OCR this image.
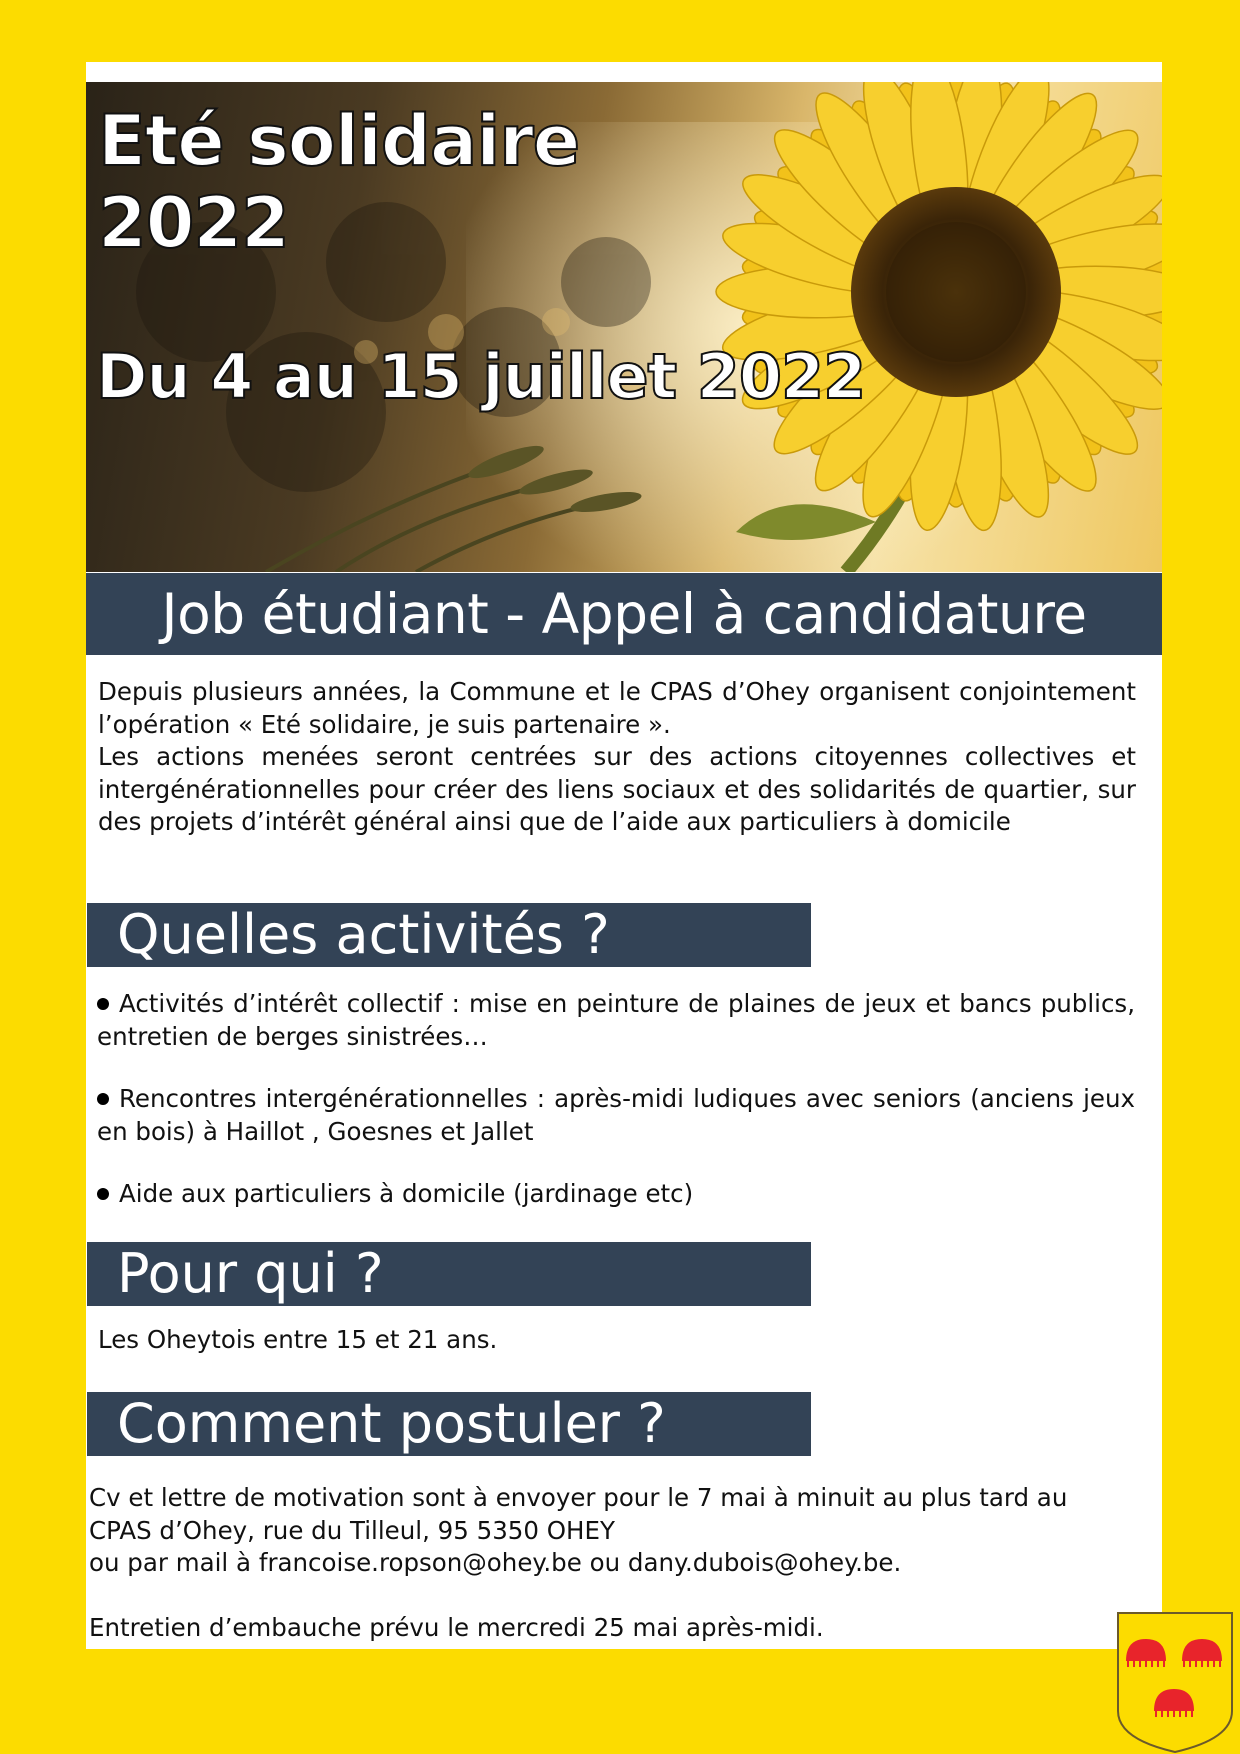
Eté solidaire
2022

Du 4 au 15 juillet 2022

Job étudiant - Appel à candidature

Depuis plusieurs années, la Commune et le CPAS d’Ohey organisent conjointement l’opération « Eté solidaire, je suis partenaire ».

Les actions menées seront centrées sur des actions citoyennes collectives et intergénérationnelles pour créer des liens sociaux et des solidarités de quartier, sur des projets d’intérêt général ainsi que de l’aide aux particuliers à domicile

Quelles activités ?

Activités d’intérêt collectif : mise en peinture de plaines de jeux et bancs publics, entretien de berges sinistrées…

Rencontres intergénérationnelles : après-midi ludiques avec seniors (anciens jeux en bois) à Haillot , Goesnes et Jallet

Aide aux particuliers à domicile (jardinage etc)

Pour qui ?

Les Oheytois entre 15 et 21 ans.

Comment postuler ?

Cv et lettre de motivation sont à envoyer pour le 7 mai à minuit au plus tard au

CPAS d’Ohey, rue du Tilleul, 95 5350 OHEY

ou par mail à francoise.ropson@ohey.be ou dany.dubois@ohey.be.

Entretien d’embauche prévu le mercredi 25 mai après-midi.
